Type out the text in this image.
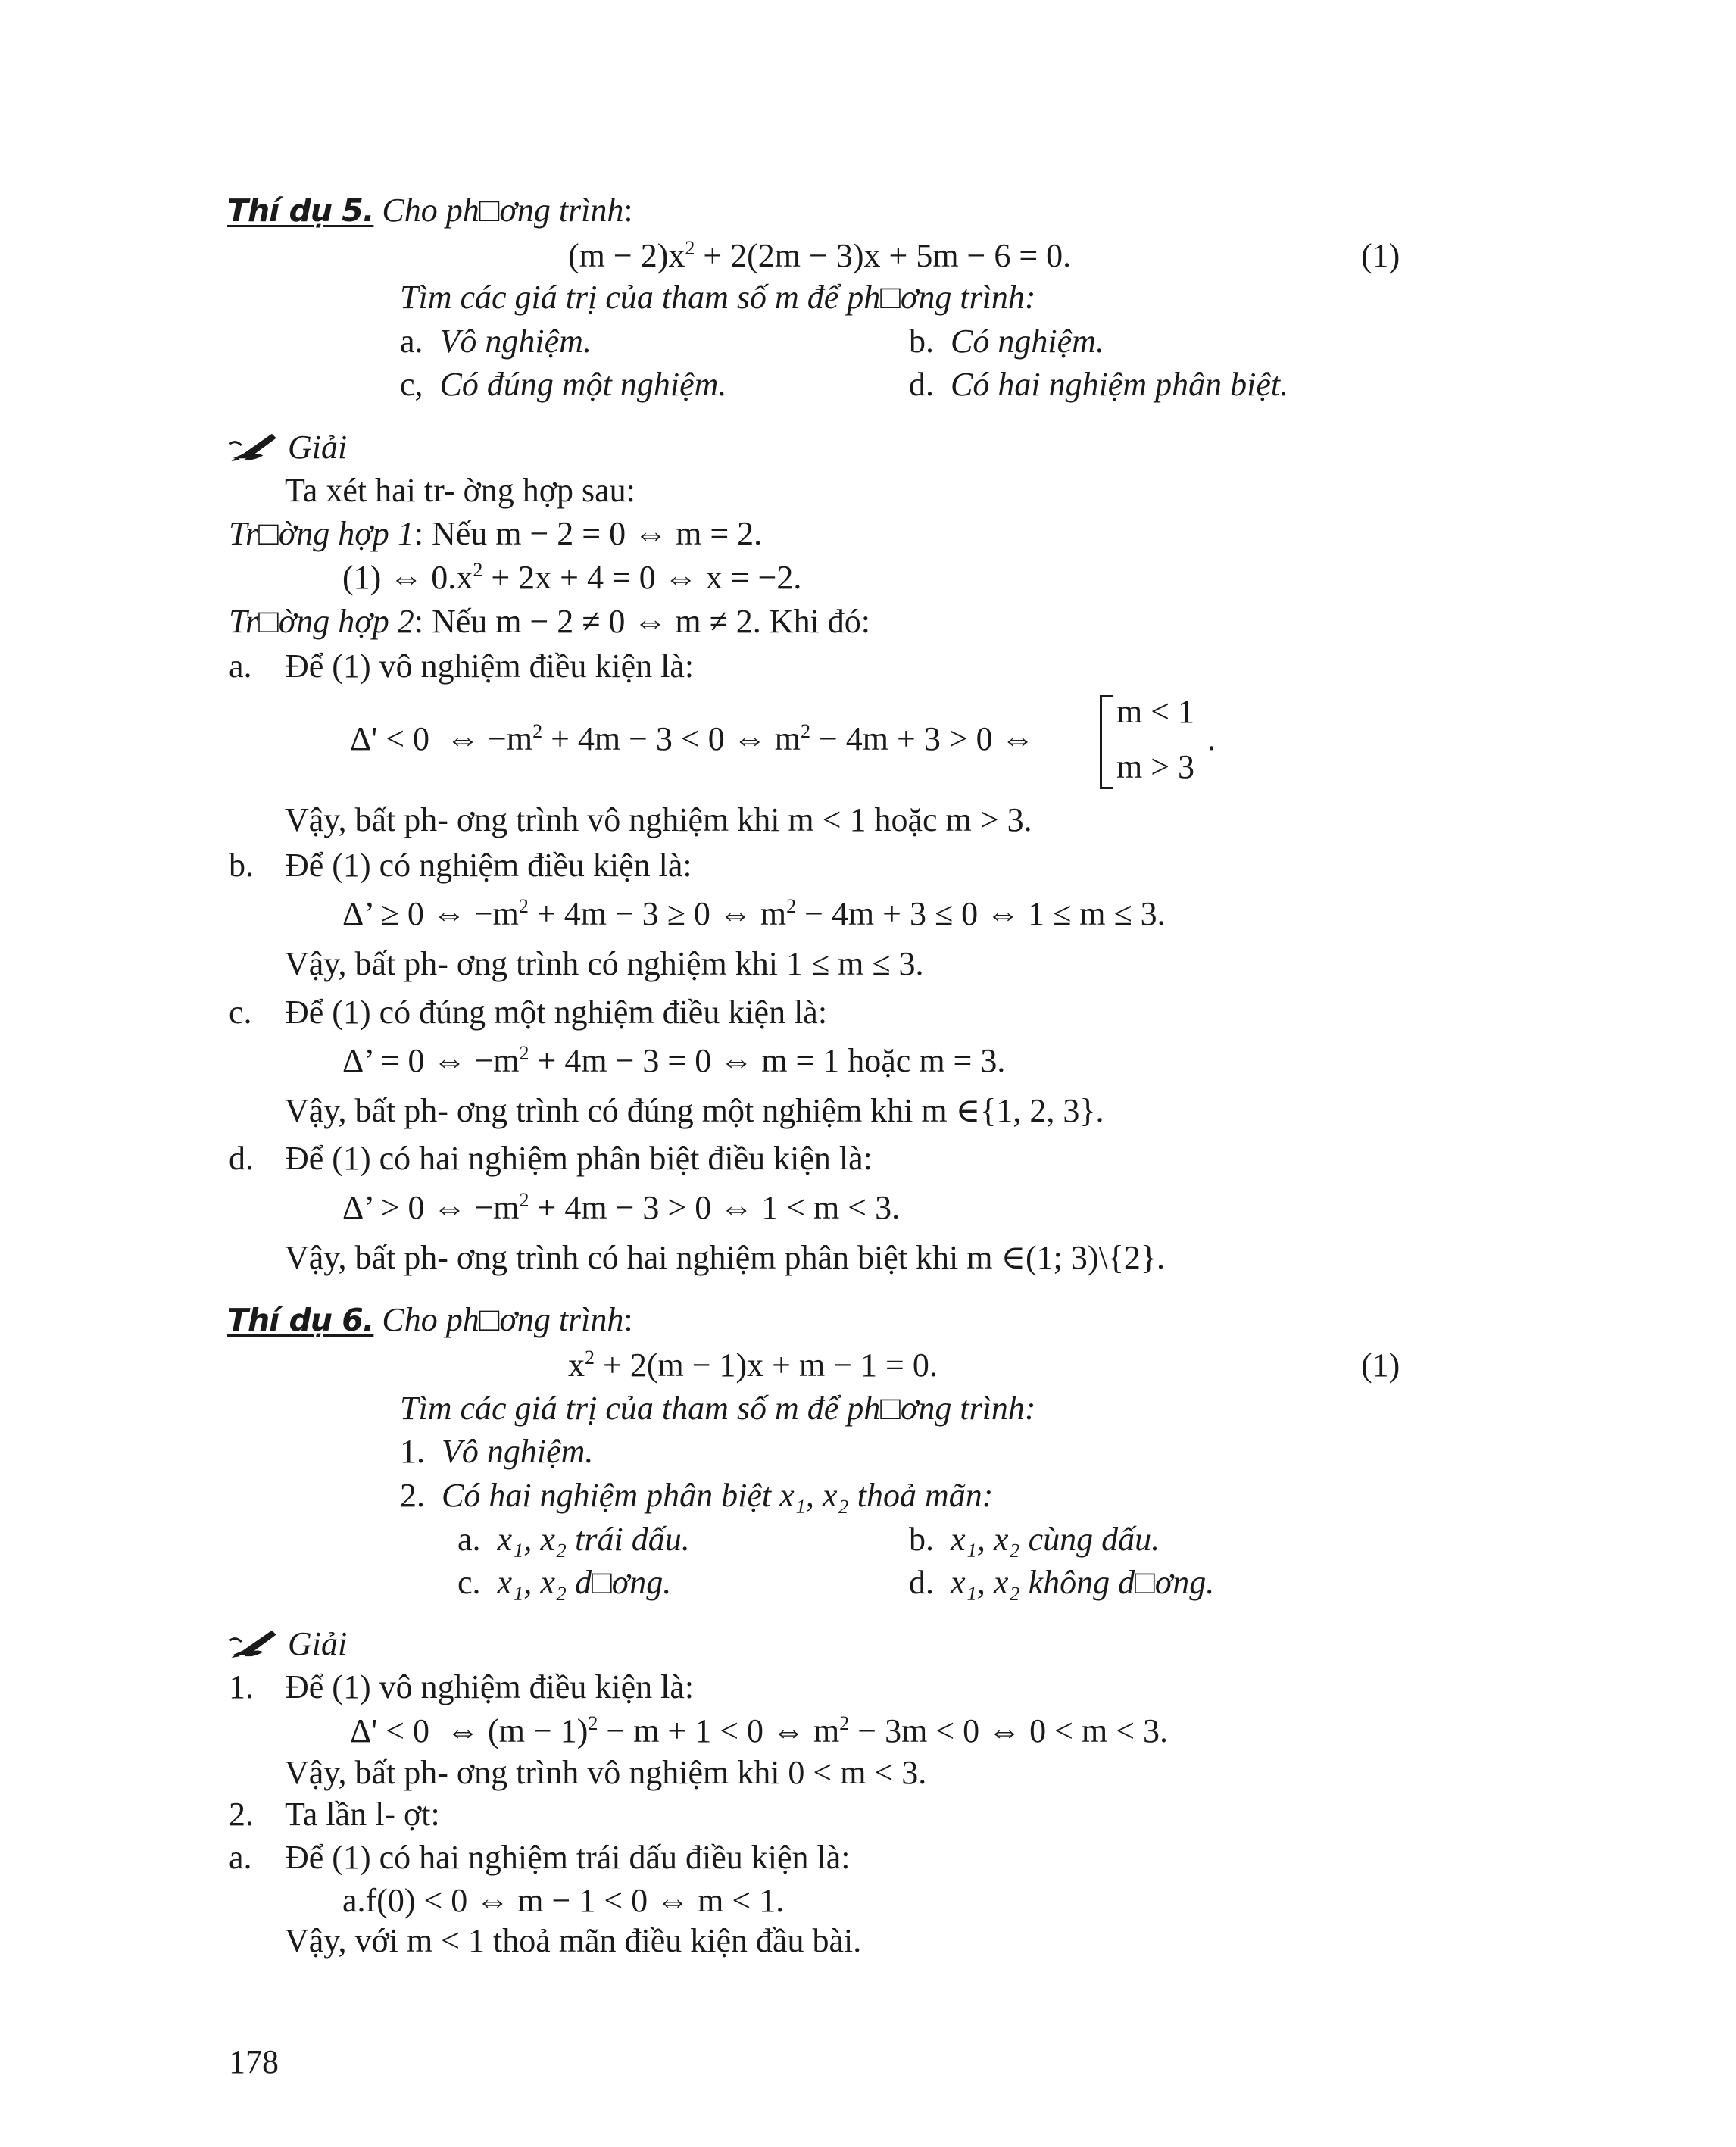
Thí dụ 5. Cho ph□ơng trình:
$(m - 2)x^2 + 2(2m - 3)x + 5m - 6 = 0$.	(1)
Tìm các giá trị của tham số m để ph□ơng trình:
a. Vô nghiệm.	b. Có nghiệm.
c, Có đúng một nghiệm.	d. Có hai nghiệm phân biệt.
Giải
Ta xét hai tr- ờng hợp sau:
Tr□ờng hợp 1: Nếu m − 2 = 0 ⇔ m = 2.
(1) ⇔ $0.x^2 + 2x + 4 = 0$ ⇔ x = −2.
Tr□ờng hợp 2: Nếu m − 2 ≠ 0 ⇔ m ≠ 2. Khi đó:
a. Để (1) vô nghiệm điều kiện là:
Δ' < 0  ⇔ $-m^2 + 4m - 3 < 0$ ⇔ $m^2 - 4m + 3 > 0$ ⇔
m < 1
m > 3
.
Vậy, bất ph- ơng trình vô nghiệm khi m < 1 hoặc m > 3.
b. Để (1) có nghiệm điều kiện là:
Δ’ ≥ 0 ⇔ $-m^2 + 4m - 3 \ge 0$ ⇔ $m^2 - 4m + 3 \le 0$ ⇔ 1 ≤ m ≤ 3.
Vậy, bất ph- ơng trình có nghiệm khi 1 ≤ m ≤ 3.
c. Để (1) có đúng một nghiệm điều kiện là:
Δ’ = 0 ⇔ $-m^2 + 4m - 3 = 0$ ⇔ m = 1 hoặc m = 3.
Vậy, bất ph- ơng trình có đúng một nghiệm khi m ∈{1, 2, 3}.
d. Để (1) có hai nghiệm phân biệt điều kiện là:
Δ’ > 0 ⇔ $-m^2 + 4m - 3 > 0$ ⇔ 1 < m < 3.
Vậy, bất ph- ơng trình có hai nghiệm phân biệt khi m ∈(1; 3)\{2}.
Thí dụ 6. Cho ph□ơng trình:
$x^2 + 2(m - 1)x + m - 1 = 0$.	(1)
Tìm các giá trị của tham số m để ph□ơng trình:
1. Vô nghiệm.
2. Có hai nghiệm phân biệt x₁, x₂ thoả mãn:
a. x₁, x₂ trái dấu.	b. x₁, x₂ cùng dấu.
c. x₁, x₂ d□ơng.	d. x₁, x₂ không d□ơng.
Giải
1. Để (1) vô nghiệm điều kiện là:
Δ' < 0  ⇔ $(m - 1)^2 - m + 1 < 0$ ⇔ $m^2 - 3m < 0$ ⇔ 0 < m < 3.
Vậy, bất ph- ơng trình vô nghiệm khi 0 < m < 3.
2. Ta lần l- ợt:
a. Để (1) có hai nghiệm trái dấu điều kiện là:
a.f(0) < 0 ⇔ m − 1 < 0 ⇔ m < 1.
Vậy, với m < 1 thoả mãn điều kiện đầu bài.
178
